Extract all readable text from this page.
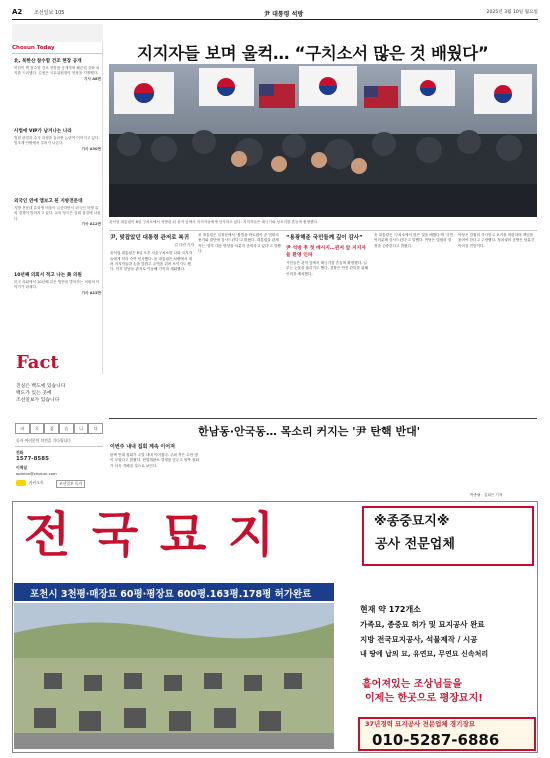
A2 조선일보 105	尹 대통령 석방	2025년 3월 10일 월요일
Chosun Today
北, 북한산 참수함 건조 현장 공개
북한이 핵 잠수함 건조 현장을 공개하며 해군력 강화 의지를 드러냈다. 김정은 국무위원장이 현장을 시찰했다.
기사 A8면
사법에 VIP가 남겨나는 나라
법원 판결과 수사 과정을 둘러싼 논란이 이어지고 있다. 법조계 안팎에서 우려가 나온다.
기사 A30면
외국인 연애 앱보고 된 지방전문대
지방 전문대 유학생 비율이 급증하면서 외국인 학생 유치 경쟁이 벌어지고 있다. 교육 당국은 실태 점검에 나섰다.
기사 A12면
10년째 의회서 적고 나는 美 의원
미국 의회에서 10년째 같은 법안을 발의하는 의원의 이야기가 화제다.
기사 A15면
Fact
진실은 백도에 있습니다
백도가 있는 곳에
조선일보가 있습니다
바	로	잡	습	니	다
독자 여러분의 의견을 기다립니다
전화
1577-8585
이메일
opinion@chosun.com
카카오톡	조선일보 독자
지지자들 보며 울컥… “구치소서 많은 것 배웠다”
윤석열 대통령이 8일 구치소에서 석방된 뒤 관저 앞에서 지지자들에게 인사하고 있다. 지지자들은 태극기와 성조기를 흔들며 환영했다.
尹, 맞잡았던 대통령 관저로 복귀
김 다빈 기자
윤석열 대통령은 8일 오후 서울구치소를 나와 지지자들에게 허리 숙여 인사했다. 윤 대통령은 차량에서 내려 지지자들과 손을 맞잡고 주먹을 쥐어 보이기도 했다. 이후 한남동 관저로 이동해 가족과 재회했다.
윤 대통령은 입장문에서 '불법을 바로잡아 준 법원의 용기와 결단에 감사드린다'고 밝혔다. 대통령실 관계자는 '향후 대응 방향을 차분히 준비하고 있다'고 말했다.
“용광해준 국민들께 깊이 감사”
尹 석방 후 첫 메시지…관저 앞 지지자들 환영 인파
시민들은 관저 앞에서 태극기를 흔들며 환영했다. 일부는 눈물을 흘리기도 했다. 경찰은 안전 관리를 위해 인력을 배치했다.
윤 대통령은 '구치소에서 많은 것을 배웠다'며 '국민 여러분께 감사드린다'고 말했다. 여당은 법원의 결정을 존중한다고 밝혔다.
야당은 검찰의 즉시항고 포기를 비판하며 책임을 물어야 한다고 주장했다. 정치권의 공방은 당분간 이어질 전망이다.
한남동·안국동… 목소리 커지는 '尹 탄핵 반대'
이번주 내내 집회 계속 이어져
탄핵 반대 집회가 주말 내내 이어졌다. 주최 측은 수만 명이 모였다고 밝혔다. 헌법재판소 결정을 앞두고 양측 집회가 더욱 격해질 것으로 보인다.
박종필 · 김희곤 기자
전 국 묘 지	※종중묘지※
공사 전문업체
포천시 3천평·매장묘 60평·평장묘 600평.163평.178평 허가완료
현재 약 172개소
가족묘, 종중묘 허가 및 묘지공사 완료
지방 전국묘지공사, 석물제작 / 시공
내 땅에 납의 묘, 유연묘, 무연묘 신속처리
흩어져있는 조상님들을
이제는 한곳으로 평장묘지!
37년경력 묘지공사 전문업체 경기장묘
010-5287-6886
